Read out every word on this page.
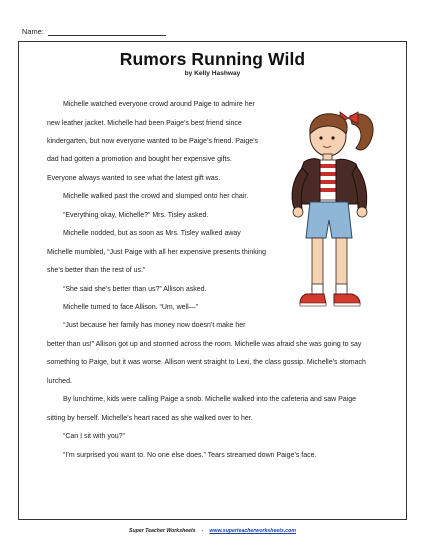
Name:
Rumors Running Wild
by Kelly Hashway
Michelle watched everyone crowd around Paige to admire her
new leather jacket. Michelle had been Paige’s best friend since
kindergarten, but now everyone wanted to be Paige’s friend. Paige’s
dad had gotten a promotion and bought her expensive gifts.
Everyone always wanted to see what the latest gift was.
Michelle walked past the crowd and slumped onto her chair.
“Everything okay, Michelle?” Mrs. Tisley asked.
Michelle nodded, but as soon as Mrs. Tisley walked away
Michelle mumbled, “Just Paige with all her expensive presents thinking
she’s better than the rest of us.”
“She said she’s better than us?” Allison asked.
Michelle turned to face Allison. “Um, well—”
“Just because her family has money now doesn’t make her
better than us!” Allison got up and stormed across the room. Michelle was afraid she was going to say
something to Paige, but it was worse. Allison went straight to Lexi, the class gossip. Michelle’s stomach
lurched.
By lunchtime, kids were calling Paige a snob. Michelle walked into the cafeteria and saw Paige
sitting by herself. Michelle’s heart raced as she walked over to her.
“Can I sit with you?”
“I’m surprised you want to. No one else does.” Tears streamed down Paige’s face.
Super Teacher Worksheets - www.superteacherworksheets.com
